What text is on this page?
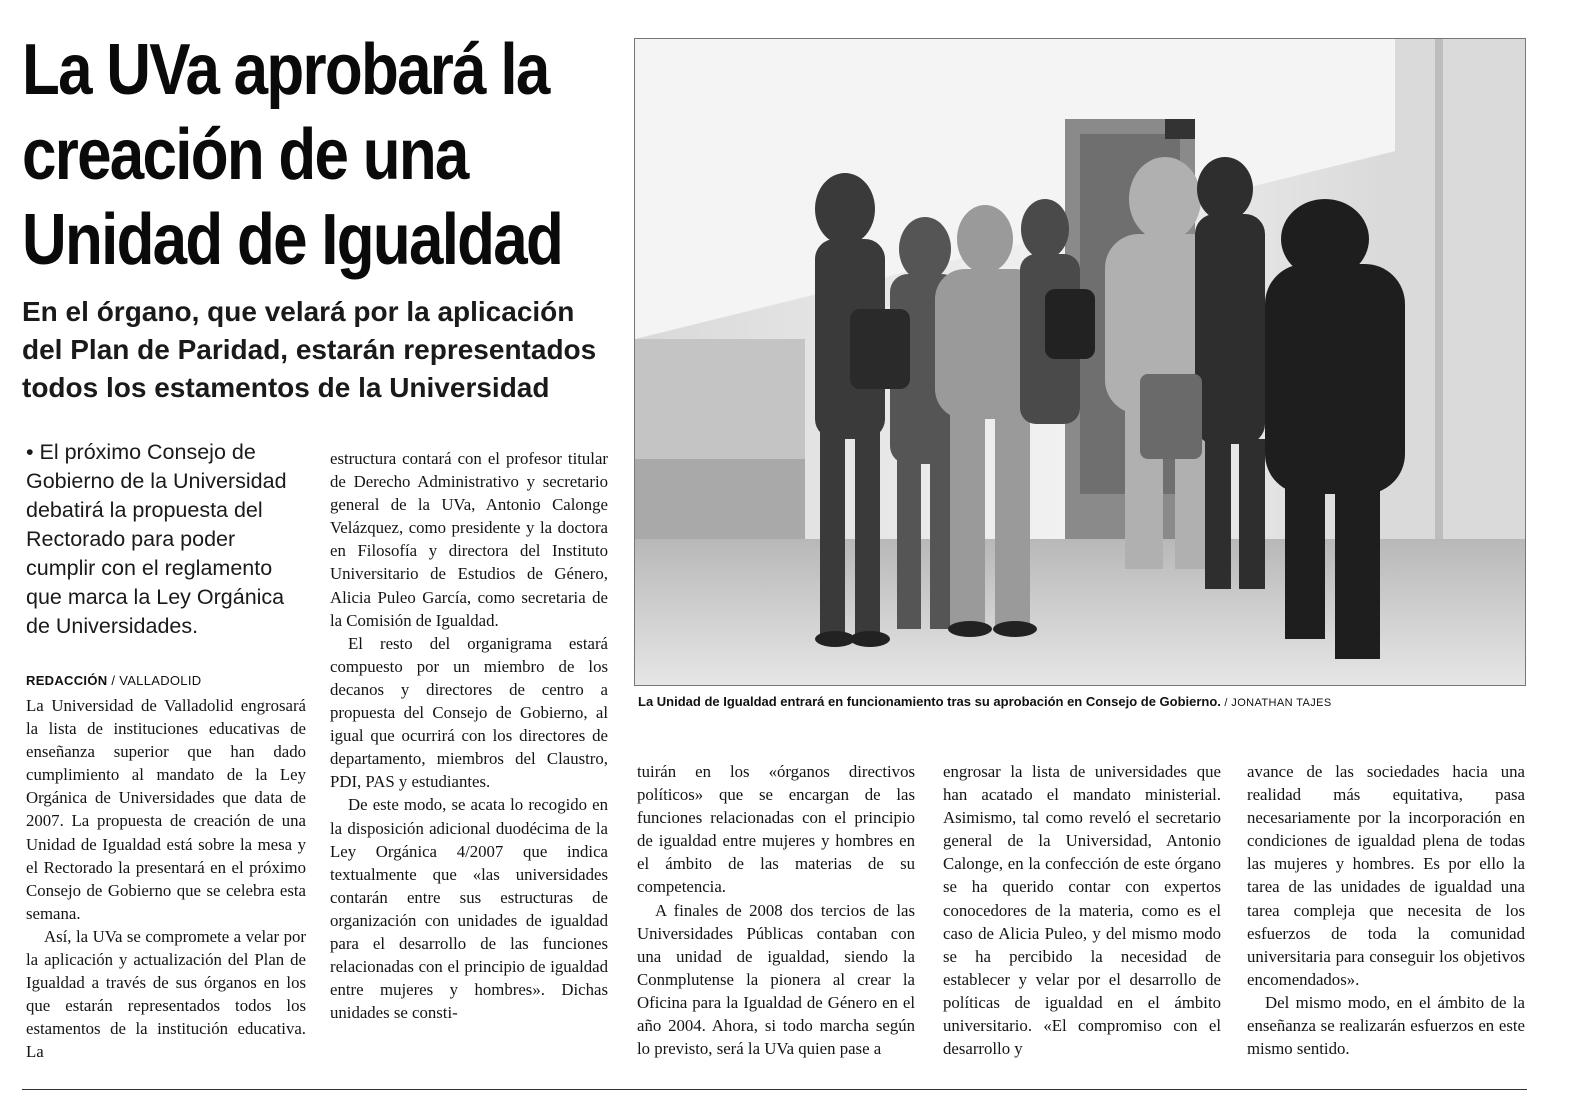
La UVa aprobará la
creación de una
Unidad de Igualdad
En el órgano, que velará por la aplicación del Plan de Paridad, estarán representados todos los estamentos de la Universidad
• El próximo Consejo de Gobierno de la Universidad debatirá la propuesta del Rectorado para poder cumplir con el reglamento que marca la Ley Orgánica de Universidades.
REDACCIÓN / VALLADOLID

La Universidad de Valladolid engrosará la lista de instituciones educativas de enseñanza superior que han dado cumplimiento al mandato de la Ley Orgánica de Universidades que data de 2007. La propuesta de creación de una Unidad de Igualdad está sobre la mesa y el Rectorado la presentará en el próximo Consejo de Gobierno que se celebra esta semana.

Así, la UVa se compromete a velar por la aplicación y actualización del Plan de Igualdad a través de sus órganos en los que estarán representados todos los estamentos de la institución educativa. La

estructura contará con el profesor titular de Derecho Administrativo y secretario general de la UVa, Antonio Calonge Velázquez, como presidente y la doctora en Filosofía y directora del Instituto Universitario de Estudios de Género, Alicia Puleo García, como secretaria de la Comisión de Igualdad.

El resto del organigrama estará compuesto por un miembro de los decanos y directores de centro a propuesta del Consejo de Gobierno, al igual que ocurrirá con los directores de departamento, miembros del Claustro, PDI, PAS y estudiantes.

De este modo, se acata lo recogido en la disposición adicional duodécima de la Ley Orgánica 4/2007 que indica textualmente que «las universidades contarán entre sus estructuras de organización con unidades de igualdad para el desarrollo de las funciones relacionadas con el principio de igualdad entre mujeres y hombres». Dichas unidades se consti-

La Unidad de Igualdad entrará en funcionamiento tras su aprobación en Consejo de Gobierno. / JONATHAN TAJES

tuirán en los «órganos directivos políticos» que se encargan de las funciones relacionadas con el principio de igualdad entre mujeres y hombres en el ámbito de las materias de su competencia.

A finales de 2008 dos tercios de las Universidades Públicas contaban con una unidad de igualdad, siendo la Conmplutense la pionera al crear la Oficina para la Igualdad de Género en el año 2004. Ahora, si todo marcha según lo previsto, será la UVa quien pase a

engrosar la lista de universidades que han acatado el mandato ministerial. Asimismo, tal como reveló el secretario general de la Universidad, Antonio Calonge, en la confección de este órgano se ha querido contar con expertos conocedores de la materia, como es el caso de Alicia Puleo, y del mismo modo se ha percibido la necesidad de establecer y velar por el desarrollo de políticas de igualdad en el ámbito universitario. «El compromiso con el desarrollo y

avance de las sociedades hacia una realidad más equitativa, pasa necesariamente por la incorporación en condiciones de igualdad plena de todas las mujeres y hombres. Es por ello la tarea de las unidades de igualdad una tarea compleja que necesita de los esfuerzos de toda la comunidad universitaria para conseguir los objetivos encomendados».

Del mismo modo, en el ámbito de la enseñanza se realizarán esfuerzos en este mismo sentido.
